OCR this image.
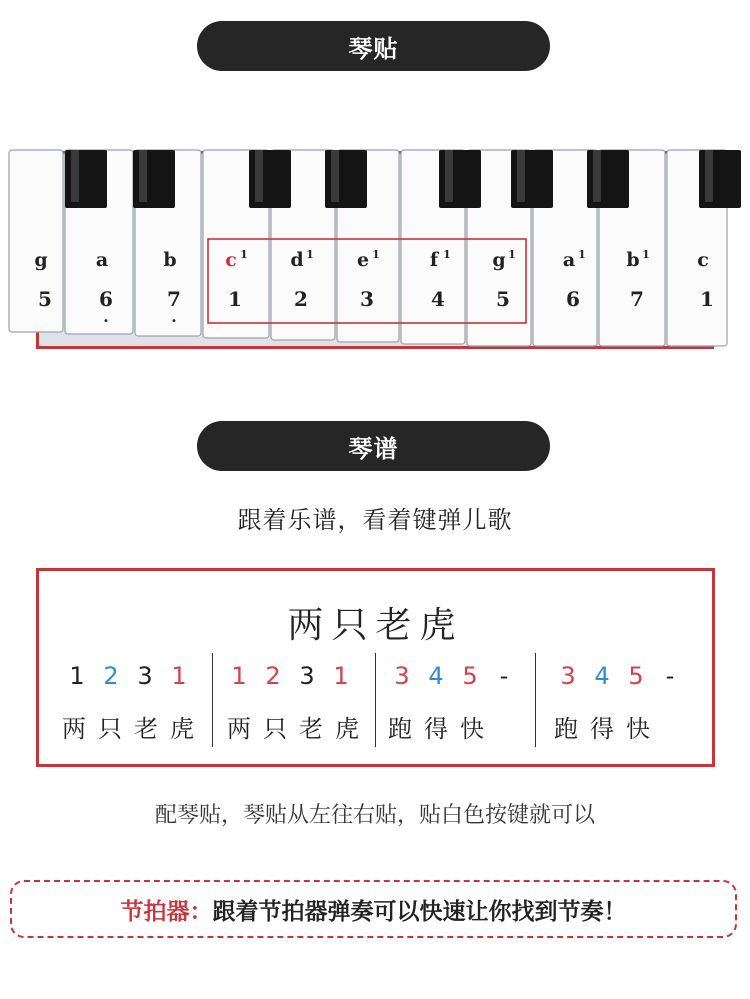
琴贴
g
5
a
6
•
b
7
•
c 1
1
d 1
2
e 1
3
f 1
4
g 1
5
a 1
6
b 1
7
c
1
琴谱
跟着乐谱，看着键弹儿歌
两只老虎
1 2 3 1
两 只 老 虎
1 2 3 1
两 只 老 虎
3 4 5 -
跑 得 快
3 4 5 -
跑 得 快
配琴贴，琴贴从左往右贴，贴白色按键就可以
节拍器： 跟着节拍器弹奏可以快速让你找到节奏！
